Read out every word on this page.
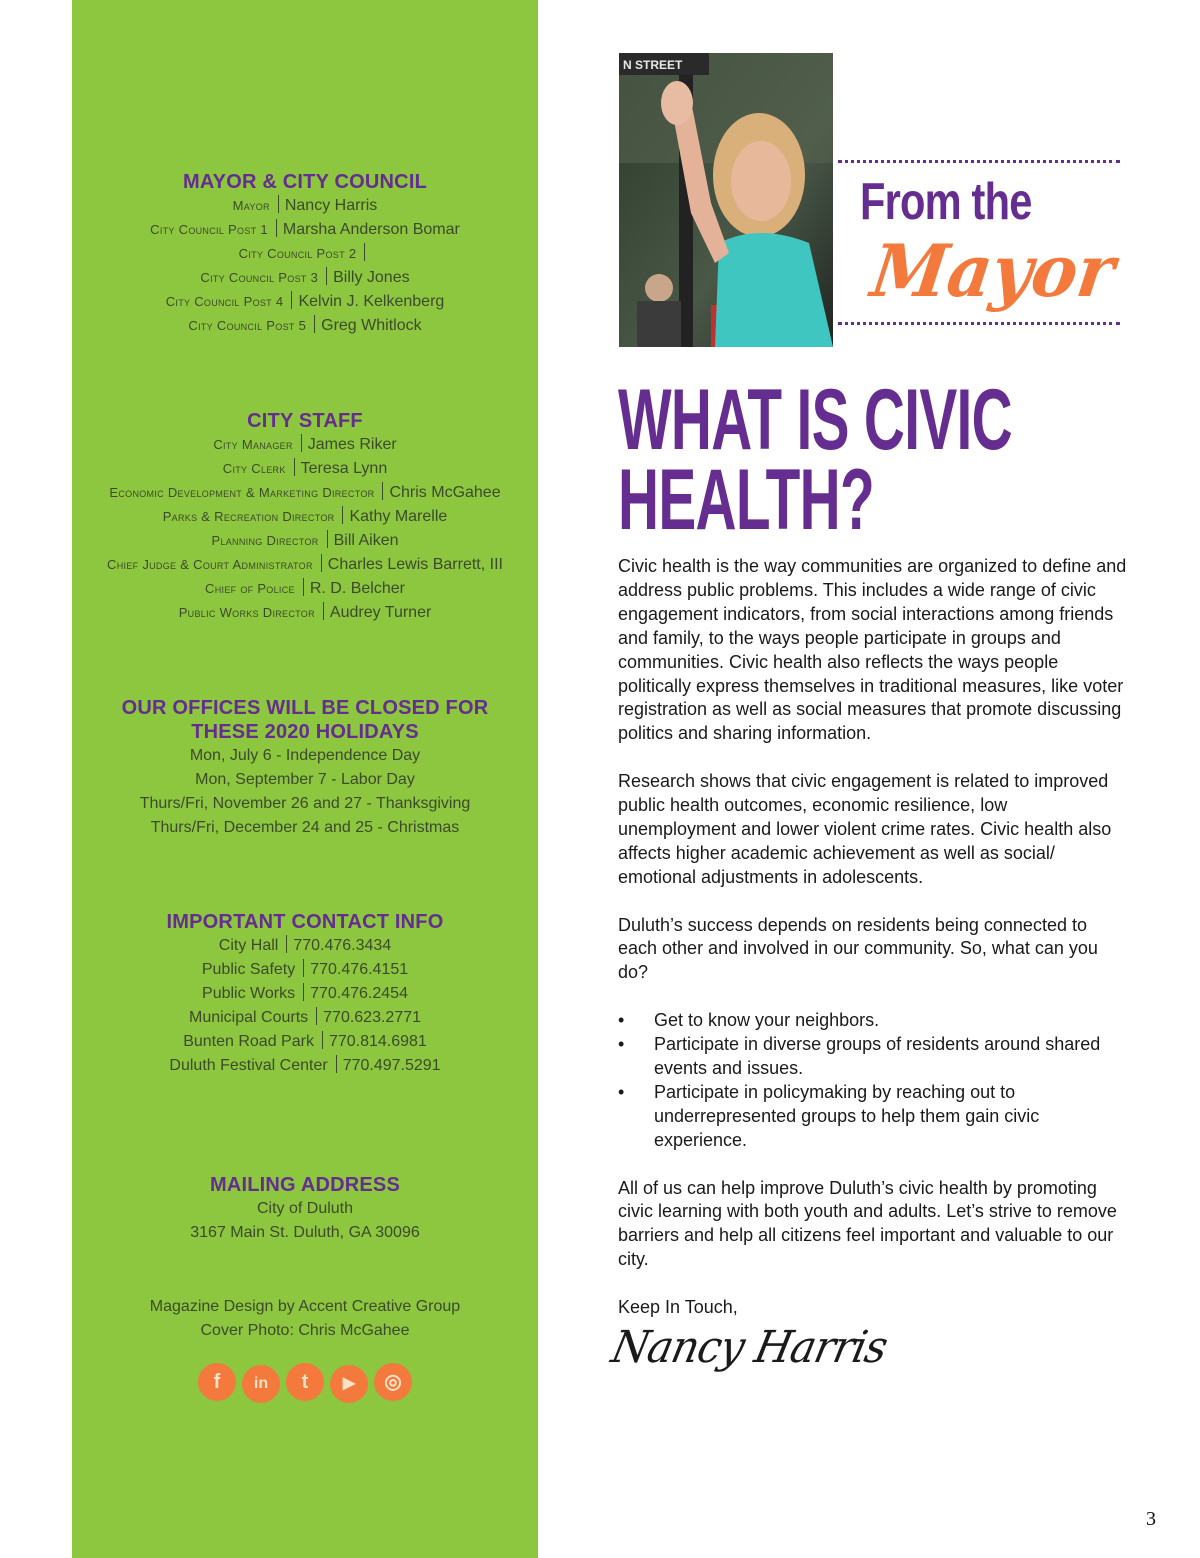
MAYOR & CITY COUNCIL
Mayor Nancy Harris
City Council Post 1 Marsha Anderson Bomar
City Council Post 2
City Council Post 3 Billy Jones
City Council Post 4 Kelvin J. Kelkenberg
City Council Post 5 Greg Whitlock
CITY STAFF
City Manager James Riker
City Clerk Teresa Lynn
Economic Development & Marketing Director Chris McGahee
Parks & Recreation Director Kathy Marelle
Planning Director Bill Aiken
Chief Judge & Court Administrator Charles Lewis Barrett, III
Chief of Police R. D. Belcher
Public Works Director Audrey Turner
OUR OFFICES WILL BE CLOSED FOR
THESE 2020 HOLIDAYS
Mon, July 6 - Independence Day
Mon, September 7 - Labor Day
Thurs/Fri, November 26 and 27 - Thanksgiving
Thurs/Fri, December 24 and 25 - Christmas
IMPORTANT CONTACT INFO
City Hall 770.476.3434
Public Safety 770.476.4151
Public Works 770.476.2454
Municipal Courts 770.623.2771
Bunten Road Park 770.814.6981
Duluth Festival Center 770.497.5291
MAILING ADDRESS
City of Duluth
3167 Main St. Duluth, GA 30096
Magazine Design by Accent Creative Group
Cover Photo: Chris McGahee
f in t ▶ ◎
N STREET
From the
Mayor
WHAT IS CIVIC
HEALTH?

Civic health is the way communities are organized to define and address public problems. This includes a wide range of civic engagement indicators, from social interactions among friends and family, to the ways people participate in groups and communities. Civic health also reflects the ways people politically express themselves in traditional measures, like voter registration as well as social measures that promote discussing politics and sharing information.

Research shows that civic engagement is related to improved public health outcomes, economic resilience, low unemployment and lower violent crime rates. Civic health also affects higher academic achievement as well as social/ emotional adjustments in adolescents.

Duluth’s success depends on residents being connected to each other and involved in our community. So, what can you do?

• Get to know your neighbors.
• Participate in diverse groups of residents around shared events and issues.
• Participate in policymaking by reaching out to underrepresented groups to help them gain civic experience.

All of us can help improve Duluth’s civic health by promoting civic learning with both youth and adults. Let’s strive to remove barriers and help all citizens feel important and valuable to our city.

Keep In Touch,

Nancy Harris
3
